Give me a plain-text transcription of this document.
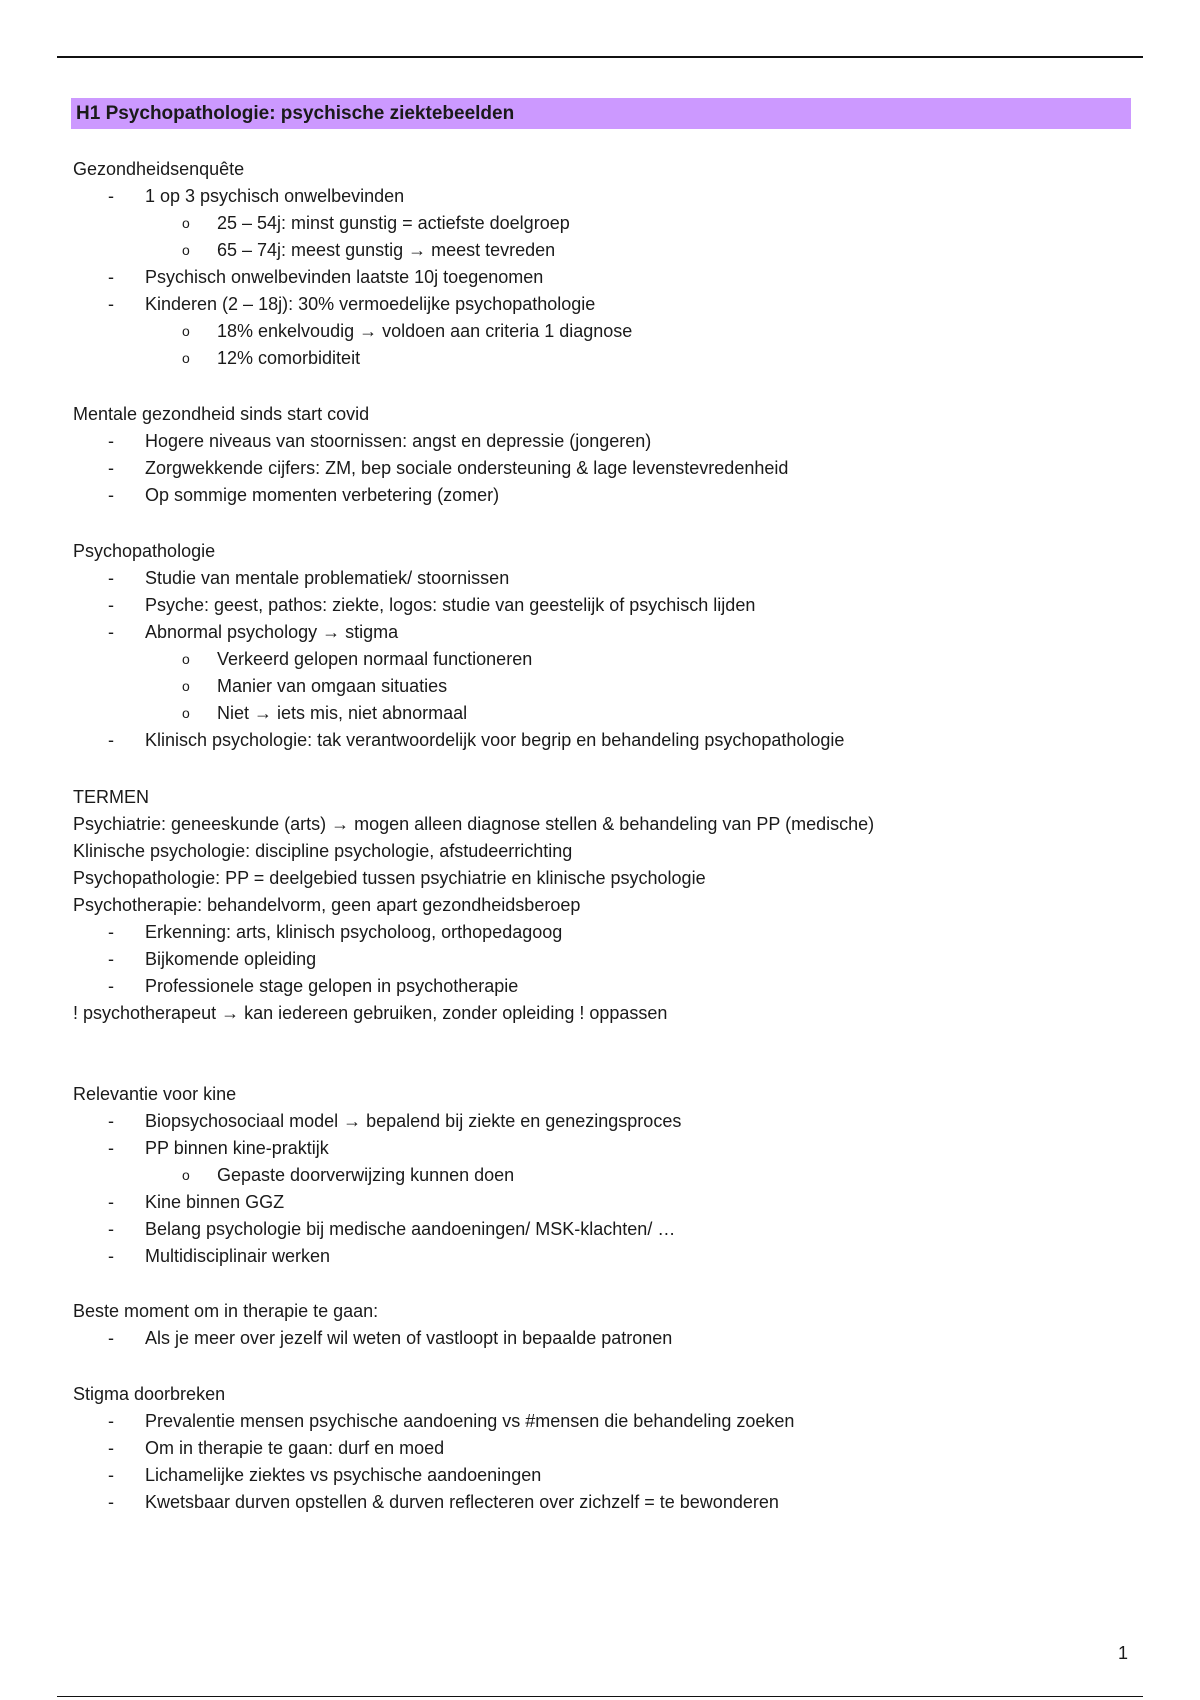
H1 Psychopathologie: psychische ziektebeelden
Gezondheidsenquête
- 1 op 3 psychisch onwelbevinden
o 25 – 54j: minst gunstig = actiefste doelgroep
o 65 – 74j: meest gunstig → meest tevreden
- Psychisch onwelbevinden laatste 10j toegenomen
- Kinderen (2 – 18j): 30% vermoedelijke psychopathologie
o 18% enkelvoudig → voldoen aan criteria 1 diagnose
o 12% comorbiditeit
Mentale gezondheid sinds start covid
- Hogere niveaus van stoornissen: angst en depressie (jongeren)
- Zorgwekkende cijfers: ZM, bep sociale ondersteuning & lage levenstevredenheid
- Op sommige momenten verbetering (zomer)
Psychopathologie
- Studie van mentale problematiek/ stoornissen
- Psyche: geest, pathos: ziekte, logos: studie van geestelijk of psychisch lijden
- Abnormal psychology → stigma
o Verkeerd gelopen normaal functioneren
o Manier van omgaan situaties
o Niet → iets mis, niet abnormaal
- Klinisch psychologie: tak verantwoordelijk voor begrip en behandeling psychopathologie
TERMEN
Psychiatrie: geneeskunde (arts) → mogen alleen diagnose stellen & behandeling van PP (medische)
Klinische psychologie: discipline psychologie, afstudeerrichting
Psychopathologie: PP = deelgebied tussen psychiatrie en klinische psychologie
Psychotherapie: behandelvorm, geen apart gezondheidsberoep
- Erkenning: arts, klinisch psycholoog, orthopedagoog
- Bijkomende opleiding
- Professionele stage gelopen in psychotherapie
! psychotherapeut → kan iedereen gebruiken, zonder opleiding ! oppassen
Relevantie voor kine
- Biopsychosociaal model → bepalend bij ziekte en genezingsproces
- PP binnen kine-praktijk
o Gepaste doorverwijzing kunnen doen
- Kine binnen GGZ
- Belang psychologie bij medische aandoeningen/ MSK-klachten/ …
- Multidisciplinair werken
Beste moment om in therapie te gaan:
- Als je meer over jezelf wil weten of vastloopt in bepaalde patronen
Stigma doorbreken
- Prevalentie mensen psychische aandoening vs #mensen die behandeling zoeken
- Om in therapie te gaan: durf en moed
- Lichamelijke ziektes vs psychische aandoeningen
- Kwetsbaar durven opstellen & durven reflecteren over zichzelf = te bewonderen
1
